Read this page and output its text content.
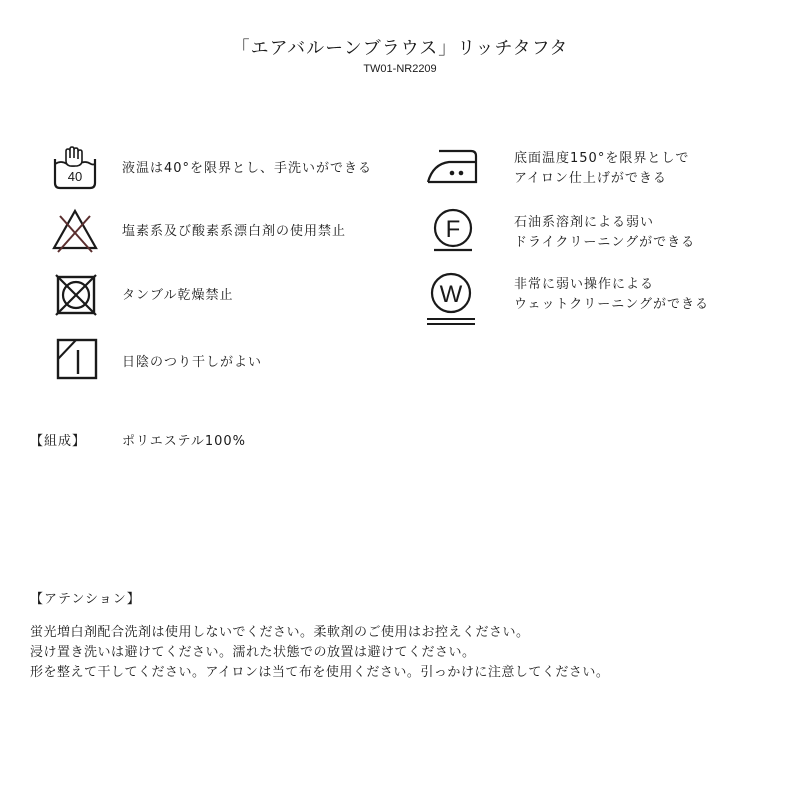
「エアバルーンブラウス」リッチタフタ
TW01-NR2209
40
液温は40°を限界とし、手洗いができる
塩素系及び酸素系漂白剤の使用禁止
タンブル乾燥禁止
日陰のつり干しがよい
底面温度150°を限界としで
アイロン仕上げができる
F	石油系溶剤による弱い
ドライクリーニングができる
W	非常に弱い操作による
ウェットクリーニングができる
【組成】	ポリエステル100%
【アテンション】
蛍光増白剤配合洗剤は使用しないでください。柔軟剤のご使用はお控えください。
浸け置き洗いは避けてください。濡れた状態での放置は避けてください。
形を整えて干してください。アイロンは当て布を使用ください。引っかけに注意してください。
